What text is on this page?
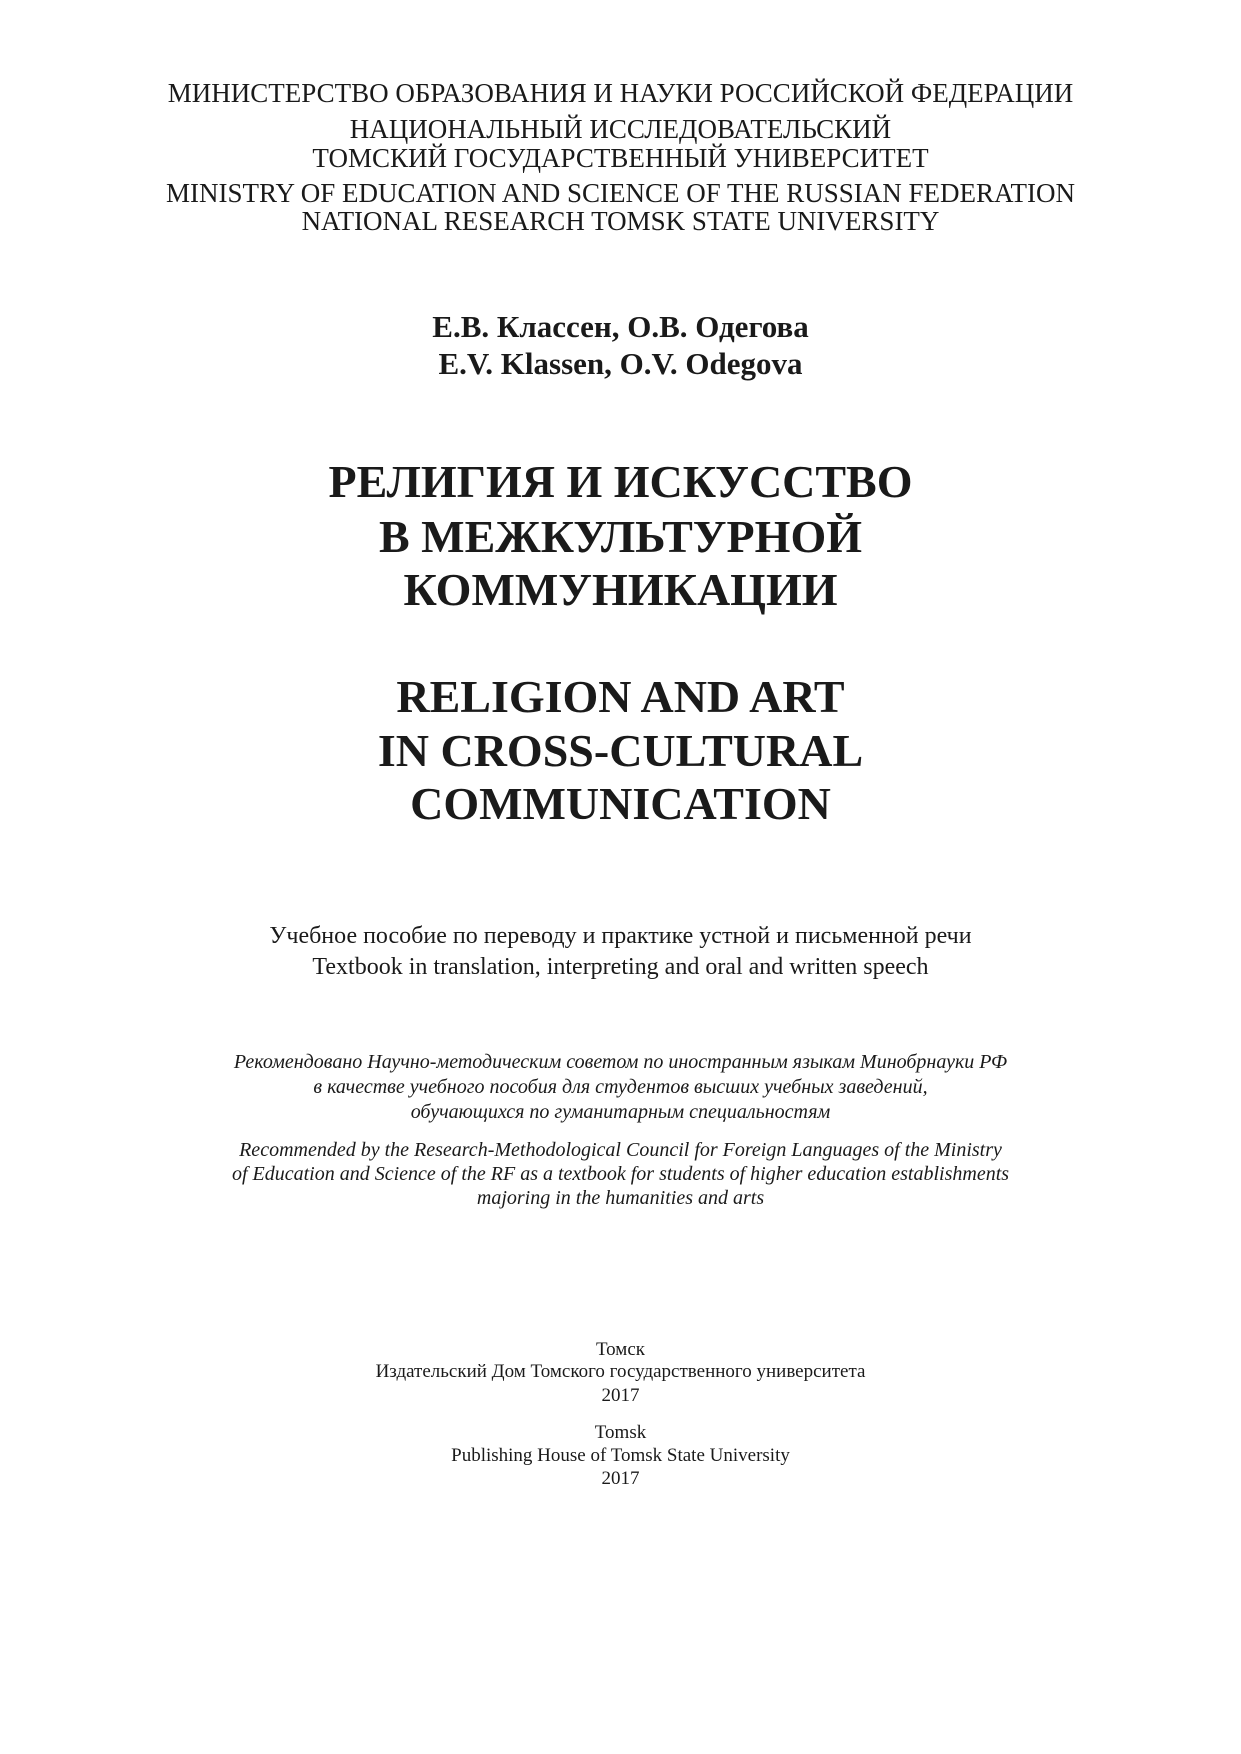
МИНИСТЕРСТВО ОБРАЗОВАНИЯ И НАУКИ РОССИЙСКОЙ ФЕДЕРАЦИИ
НАЦИОНАЛЬНЫЙ ИССЛЕДОВАТЕЛЬСКИЙ
ТОМСКИЙ ГОСУДАРСТВЕННЫЙ УНИВЕРСИТЕТ
MINISTRY OF EDUCATION AND SCIENCE OF THE RUSSIAN FEDERATION
NATIONAL RESEARCH TOMSK STATE UNIVERSITY
Е.В. Классен, О.В. Одегова
E.V. Klassen, O.V. Odegova
РЕЛИГИЯ И ИСКУССТВО
В МЕЖКУЛЬТУРНОЙ
КОММУНИКАЦИИ
RELIGION AND ART
IN CROSS-CULTURAL
COMMUNICATION
Учебное пособие по переводу и практике устной и письменной речи
Textbook in translation, interpreting and oral and written speech
Рекомендовано Научно-методическим советом по иностранным языкам Минобрнауки РФ
в качестве учебного пособия для студентов высших учебных заведений,
обучающихся по гуманитарным специальностям
Recommended by the Research-Methodological Council for Foreign Languages of the Ministry
of Education and Science of the RF as a textbook for students of higher education establishments
majoring in the humanities and arts
Томск
Издательский Дом Томского государственного университета
2017
Tomsk
Publishing House of Tomsk State University
2017
